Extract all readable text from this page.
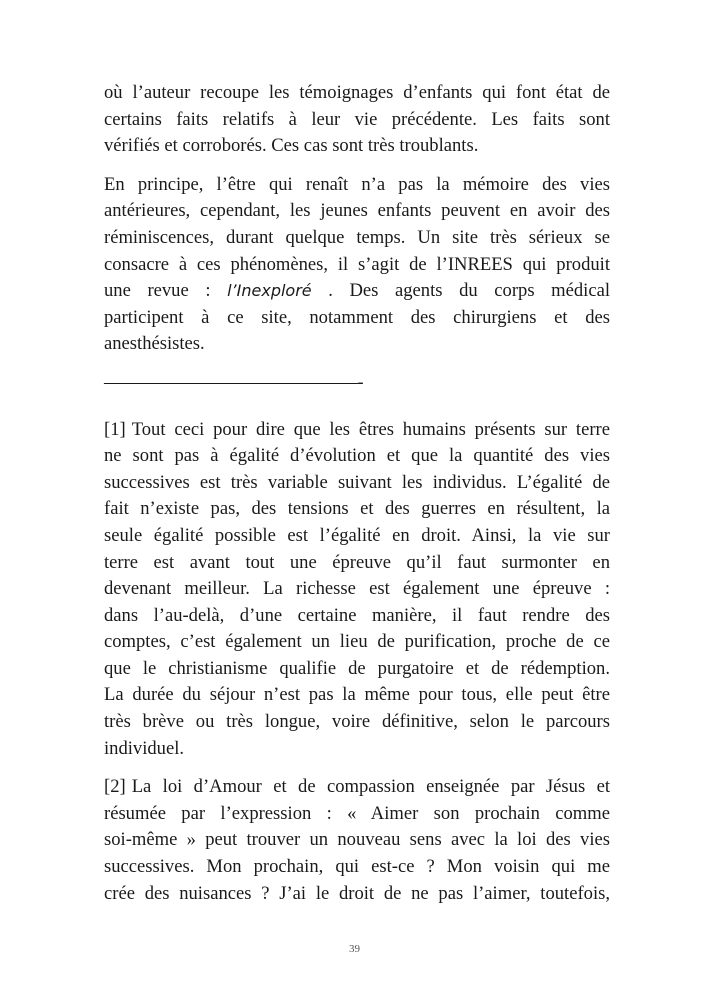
où l’auteur recoupe les témoignages d’enfants qui font état de
certains faits relatifs à leur vie précédente. Les faits sont
vérifiés et corroborés. Ces cas sont très troublants.
En principe, l’être qui renaît n’a pas la mémoire des vies
antérieures, cependant, les jeunes enfants peuvent en avoir des
réminiscences, durant quelque temps. Un site très sérieux se
consacre à ces phénomènes, il s’agit de l’INREES qui produit
une revue : l’Inexploré . Des agents du corps médical
participent à ce site, notamment des chirurgiens et des
anesthésistes.
——————————————-
[1] Tout ceci pour dire que les êtres humains présents sur terre
ne sont pas à égalité d’évolution et que la quantité des vies
successives est très variable suivant les individus. L’égalité de
fait n’existe pas, des tensions et des guerres en résultent, la
seule égalité possible est l’égalité en droit. Ainsi, la vie sur
terre est avant tout une épreuve qu’il faut surmonter en
devenant meilleur. La richesse est également une épreuve :
dans l’au-delà, d’une certaine manière, il faut rendre des
comptes, c’est également un lieu de purification, proche de ce
que le christianisme qualifie de purgatoire et de rédemption.
La durée du séjour n’est pas la même pour tous, elle peut être
très brève ou très longue, voire définitive, selon le parcours
individuel.
[2] La loi d’Amour et de compassion enseignée par Jésus et
résumée par l’expression : « Aimer son prochain comme
soi-même » peut trouver un nouveau sens avec la loi des vies
successives. Mon prochain, qui est-ce ? Mon voisin qui me
crée des nuisances ? J’ai le droit de ne pas l’aimer, toutefois,
39
